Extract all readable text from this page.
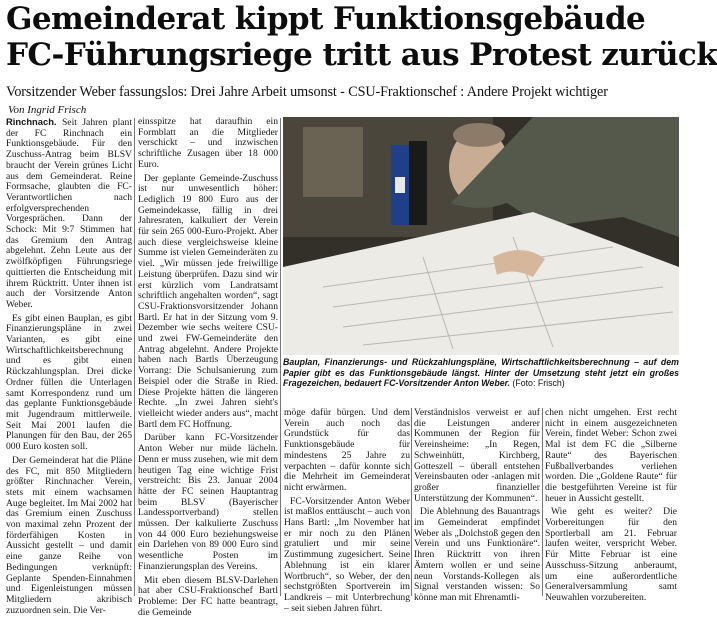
Gemeinderat kippt Funktionsgebäude
FC-Führungsriege tritt aus Protest zurück

Vorsitzender Weber fassungslos: Drei Jahre Arbeit umsonst - CSU-Fraktionschef : Andere Projekt wichtiger

Von Ingrid Frisch

Rinchnach. Seit Jahren plant der FC Rinchnach ein Funktionsgebäude. Für den Zuschuss-Antrag beim BLSV braucht der Verein grünes Licht aus dem Gemeinderat. Reine Formsache, glaubten die FC-Verantwortlichen nach erfolgversprechenden Vorgesprächen. Dann der Schock: Mit 9:7 Stimmen hat das Gremium den Antrag abgelehnt. Zehn Leute aus der zwölfköpfigen Führungsriege quittierten die Entscheidung mit ihrem Rücktritt. Unter ihnen ist auch der Vorsitzende Anton Weber.

Es gibt einen Bauplan, es gibt Finanzierungspläne in zwei Varianten, es gibt eine Wirtschaftlichkeitsberechnung und es gibt einen Rückzahlungsplan. Drei dicke Ordner füllen die Unterlagen samt Korrespondenz rund um das geplante Funktionsgebäude mit Jugendraum mittlerweile. Seit Mai 2001 laufen die Planungen für den Bau, der 265 000 Euro kosten soll.

Der Gemeinderat hat die Pläne des FC, mit 850 Mitgliedern größter Rinchnacher Verein, stets mit einem wachsamen Auge begleitet. Im Mai 2002 hat das Gremium einen Zuschuss von maximal zehn Prozent der förderfähigen Kosten in Aussicht gestellt – und damit eine ganze Reihe von Bedingungen verknüpft: Geplante Spenden-Einnahmen und Eigenleistungen müssen Mitgliedern akribisch zuzuordnen sein. Die Ver-

einsspitze hat daraufhin ein Formblatt an die Mitglieder verschickt – und inzwischen schriftliche Zusagen über 18 000 Euro.

Der geplante Gemeinde-Zuschuss ist nur unwesentlich höher: Lediglich 19 800 Euro aus der Gemeindekasse, fällig in drei Jahresraten, kalkuliert der Verein für sein 265 000-Euro-Projekt. Aber auch diese vergleichsweise kleine Summe ist vielen Gemeinderäten zu viel. „Wir müssen jede freiwillige Leistung überprüfen. Dazu sind wir erst kürzlich vom Landratsamt schriftlich angehalten worden“, sagt CSU-Fraktionsvorsitzender Johann Bartl. Er hat in der Sitzung vom 9. Dezember wie sechs weitere CSU- und zwei FW-Gemeinderäte den Antrag abgelehnt. Andere Projekte haben nach Bartls Überzeugung Vorrang: Die Schulsanierung zum Beispiel oder die Straße in Ried. Diese Projekte hätten die längeren Rechte. „In zwei Jahren sieht's vielleicht wieder anders aus“, macht Bartl dem FC Hoffnung.

Darüber kann FC-Vorsitzender Anton Weber nur müde lächeln. Denn er muss zusehen, wie mit dem heutigen Tag eine wichtige Frist verstreicht: Bis 23. Januar 2004 hätte der FC seinen Hauptantrag beim BLSV (Bayerischer Landessportverband) stellen müssen. Der kalkulierte Zuschuss von 44 000 Euro beziehungsweise ein Darlehen von 89 000 Euro sind wesentliche Posten im Finanzierungsplan des Vereins.

Mit eben diesem BLSV-Darlehen hat aber CSU-Fraktionschef Bartl Probleme: Der FC hatte beantragt, die Gemeinde

Bauplan, Finanzierungs- und Rückzahlungspläne, Wirtschaftlichkeitsberechnung – auf dem Papier gibt es das Funktionsgebäude längst. Hinter der Umsetzung steht jetzt ein großes Fragezeichen, bedauert FC-Vorsitzender Anton Weber. (Foto: Frisch)

möge dafür bürgen. Und dem Verein auch noch das Grundstück für das Funktionsgebäude für mindestens 25 Jahre zu verpachten – dafür konnte sich die Mehrheit im Gemeinderat nicht erwärmen.

FC-Vorsitzender Anton Weber ist maßlos enttäuscht – auch von Hans Bartl: „Im November hat er mir noch zu den Plänen gratuliert und mir seine Zustimmung zugesichert. Seine Ablehnung ist ein klarer Wortbruch“, so Weber, der den sechstgrößten Sportverein im Landkreis – mit Unterbrechung – seit sieben Jahren führt.

Verständnislos verweist er auf die Leistungen anderer Kommunen der Region für Vereinsheime: „In Regen, Schweinhütt, Kirchberg, Gotteszell – überall entstehen Vereinsbauten oder -anlagen mit großer finanzieller Unterstützung der Kommunen“.

Die Ablehnung des Bauantrags im Gemeinderat empfindet Weber als „Dolchstoß gegen den Verein und uns Funktionäre“. Ihren Rücktritt von ihren Ämtern wollen er und seine neun Vorstands-Kollegen als Signal verstanden wissen: So könne man mit Ehrenamtli-

chen nicht umgehen. Erst recht nicht in einem ausgezeichneten Verein, findet Weber: Schon zwei Mal ist dem FC die „Silberne Raute“ des Bayerischen Fußballverbandes verliehen worden. Die „Goldene Raute“ für die bestgeführten Vereine ist für heuer in Aussicht gestellt.

Wie geht es weiter? Die Vorbereitungen für den Sportlerball am 21. Februar laufen weiter, verspricht Weber. Für Mitte Februar ist eine Ausschuss-Sitzung anberaumt, um eine außerordentliche Generalversammlung samt Neuwahlen vorzubereiten.
